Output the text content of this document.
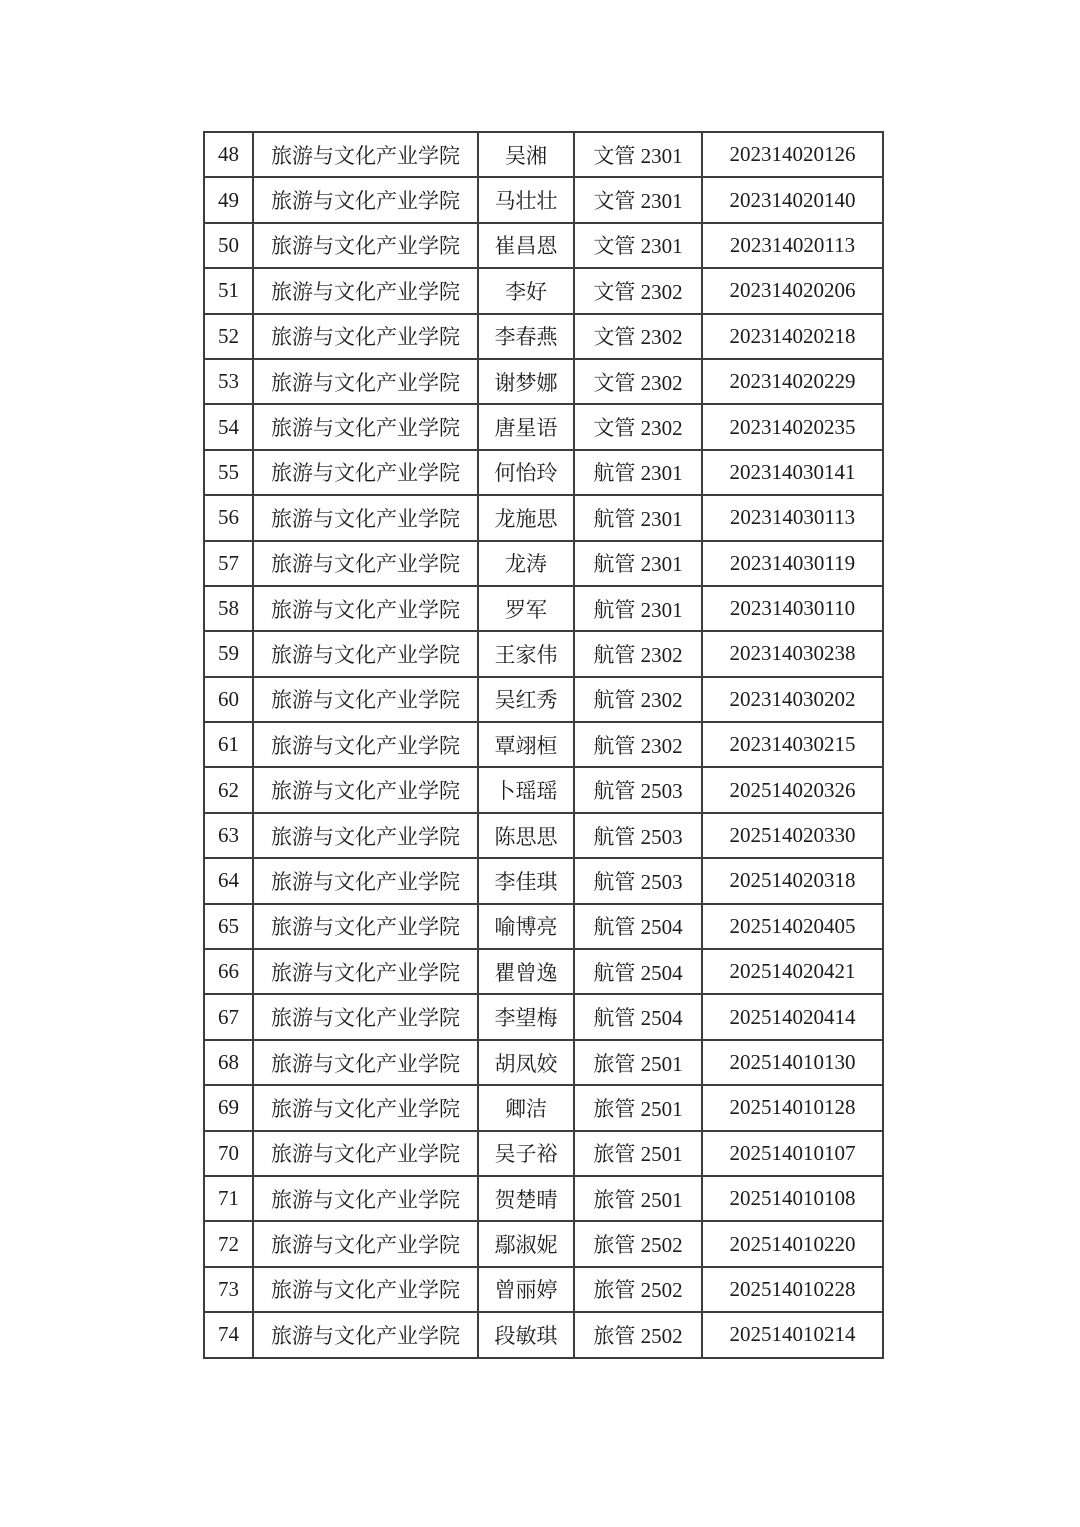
48	旅游与文化产业学院	吴湘	文管 2301	202314020126
49	旅游与文化产业学院	马壮壮	文管 2301	202314020140
50	旅游与文化产业学院	崔昌恩	文管 2301	202314020113
51	旅游与文化产业学院	李好	文管 2302	202314020206
52	旅游与文化产业学院	李春燕	文管 2302	202314020218
53	旅游与文化产业学院	谢梦娜	文管 2302	202314020229
54	旅游与文化产业学院	唐星语	文管 2302	202314020235
55	旅游与文化产业学院	何怡玲	航管 2301	202314030141
56	旅游与文化产业学院	龙施思	航管 2301	202314030113
57	旅游与文化产业学院	龙涛	航管 2301	202314030119
58	旅游与文化产业学院	罗军	航管 2301	202314030110
59	旅游与文化产业学院	王家伟	航管 2302	202314030238
60	旅游与文化产业学院	吴红秀	航管 2302	202314030202
61	旅游与文化产业学院	覃翊桓	航管 2302	202314030215
62	旅游与文化产业学院	卜瑶瑶	航管 2503	202514020326
63	旅游与文化产业学院	陈思思	航管 2503	202514020330
64	旅游与文化产业学院	李佳琪	航管 2503	202514020318
65	旅游与文化产业学院	喻博亮	航管 2504	202514020405
66	旅游与文化产业学院	瞿曾逸	航管 2504	202514020421
67	旅游与文化产业学院	李望梅	航管 2504	202514020414
68	旅游与文化产业学院	胡凤姣	旅管 2501	202514010130
69	旅游与文化产业学院	卿洁	旅管 2501	202514010128
70	旅游与文化产业学院	吴子裕	旅管 2501	202514010107
71	旅游与文化产业学院	贺楚晴	旅管 2501	202514010108
72	旅游与文化产业学院	鄢淑妮	旅管 2502	202514010220
73	旅游与文化产业学院	曾丽婷	旅管 2502	202514010228
74	旅游与文化产业学院	段敏琪	旅管 2502	202514010214
